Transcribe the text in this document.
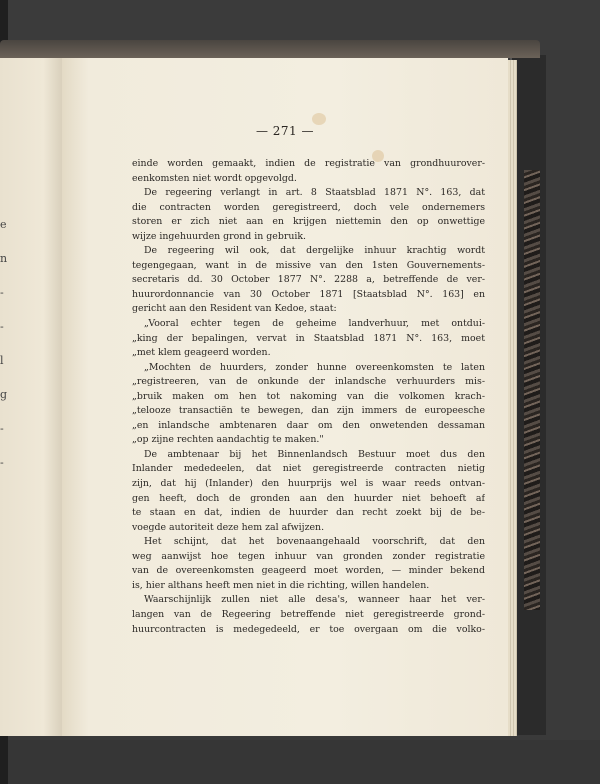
e
n
-
-
l
g
-
-
— 271 —
einde worden gemaakt, indien de registratie van grondhuurover-
eenkomsten niet wordt opgevolgd.
De regeering verlangt in art. 8 Staatsblad 1871 N°. 163, dat
die contracten worden geregistreerd, doch vele ondernemers
storen er zich niet aan en krijgen niettemin den op onwettige
wijze ingehuurden grond in gebruik.
De regeering wil ook, dat dergelijke inhuur krachtig wordt
tegengegaan, want in de missive van den 1sten Gouvernements-
secretaris dd. 30 October 1877 N°. 2288 a, betreffende de ver-
huurordonnancie van 30 October 1871 [Staatsblad N°. 163] en
gericht aan den Resident van Kedoe, staat:
„Vooral echter tegen de geheime landverhuur, met ontdui-
„king der bepalingen, vervat in Staatsblad 1871 N°. 163, moet
„met klem geageerd worden.
„Mochten de huurders, zonder hunne overeenkomsten te laten
„registreeren, van de onkunde der inlandsche verhuurders mis-
„bruik maken om hen tot nakoming van die volkomen krach-
„telooze transactiën te bewegen, dan zijn immers de europeesche
„en inlandsche ambtenaren daar om den onwetenden dessaman
„op zijne rechten aandachtig te maken."
De ambtenaar bij het Binnenlandsch Bestuur moet dus den
Inlander mededeelen, dat niet geregistreerde contracten nietig
zijn, dat hij (Inlander) den huurprijs wel is waar reeds ontvan-
gen heeft, doch de gronden aan den huurder niet behoeft af
te staan en dat, indien de huurder dan recht zoekt bij de be-
voegde autoriteit deze hem zal afwijzen.
Het schijnt, dat het bovenaangehaald voorschrift, dat den
weg aanwijst hoe tegen inhuur van gronden zonder registratie
van de overeenkomsten geageerd moet worden, — minder bekend
is, hier althans heeft men niet in die richting, willen handelen.
Waarschijnlijk zullen niet alle desa's, wanneer haar het ver-
langen van de Regeering betreffende niet geregistreerde grond-
huurcontracten is medegedeeld, er toe overgaan om die volko-
